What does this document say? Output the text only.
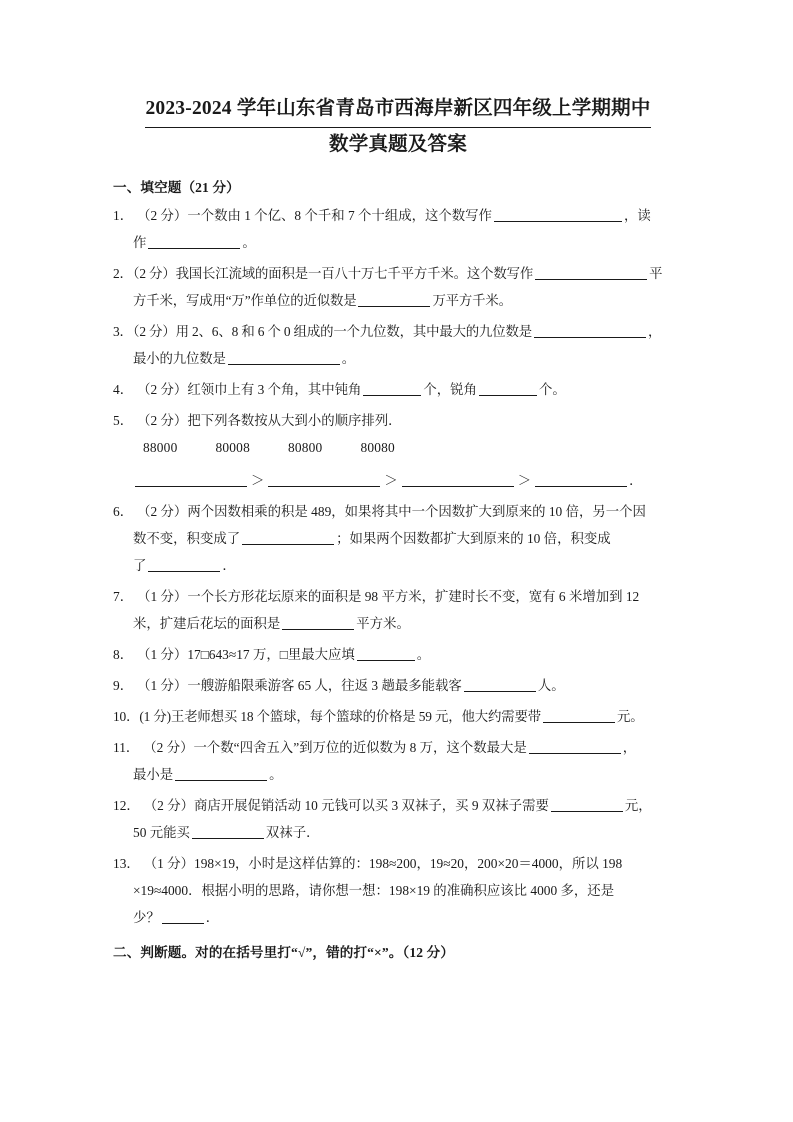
2023-2024 学年山东省青岛市西海岸新区四年级上学期期中
数学真题及答案
一、填空题（21 分）
1． （2 分）一个数由 1 个亿、8 个千和 7 个十组成，这个数写作	，读
作	。
2．（2 分）我国长江流域的面积是一百八十万七千平方千米。这个数写作	平
方千米，写成用“万”作单位的近似数是	万平方千米。
3．（2 分）用 2、6、8 和 6 个 0 组成的一个九位数，其中最大的九位数是	，
最小的九位数是	。
4． （2 分）红领巾上有 3 个角，其中钝角	个，锐角	个。
5． （2 分）把下列各数按从大到小的顺序排列．
88000	80008	80800	80080
＞	＞	＞	．
6． （2 分）两个因数相乘的积是 489，如果将其中一个因数扩大到原来的 10 倍，另一个因
数不变，积变成了	；如果两个因数都扩大到原来的 10 倍，积变成
了	．
7． （1 分）一个长方形花坛原来的面积是 98 平方米，扩建时长不变，宽有 6 米增加到 12
米，扩建后花坛的面积是	平方米。
8． （1 分）17□643≈17 万，□里最大应填	。
9． （1 分）一艘游船限乘游客 65 人，往返 3 趟最多能载客	人。
10．(1 分)王老师想买 18 个篮球，每个篮球的价格是 59 元，他大约需要带	元。
11． （2 分）一个数“四舍五入”到万位的近似数为 8 万，这个数最大是	，
最小是	。
12． （2 分）商店开展促销活动 10 元钱可以买 3 双袜子，买 9 双袜子需要	元，
50 元能买	双袜子．
13． （1 分）198×19，小时是这样估算的：198≈200，19≈20，200×20＝4000，所以 198
×19≈4000．根据小明的思路，请你想一想：198×19 的准确积应该比 4000 多，还是
少？	．
二、判断题。对的在括号里打“√”，错的打“×”。（12 分）
